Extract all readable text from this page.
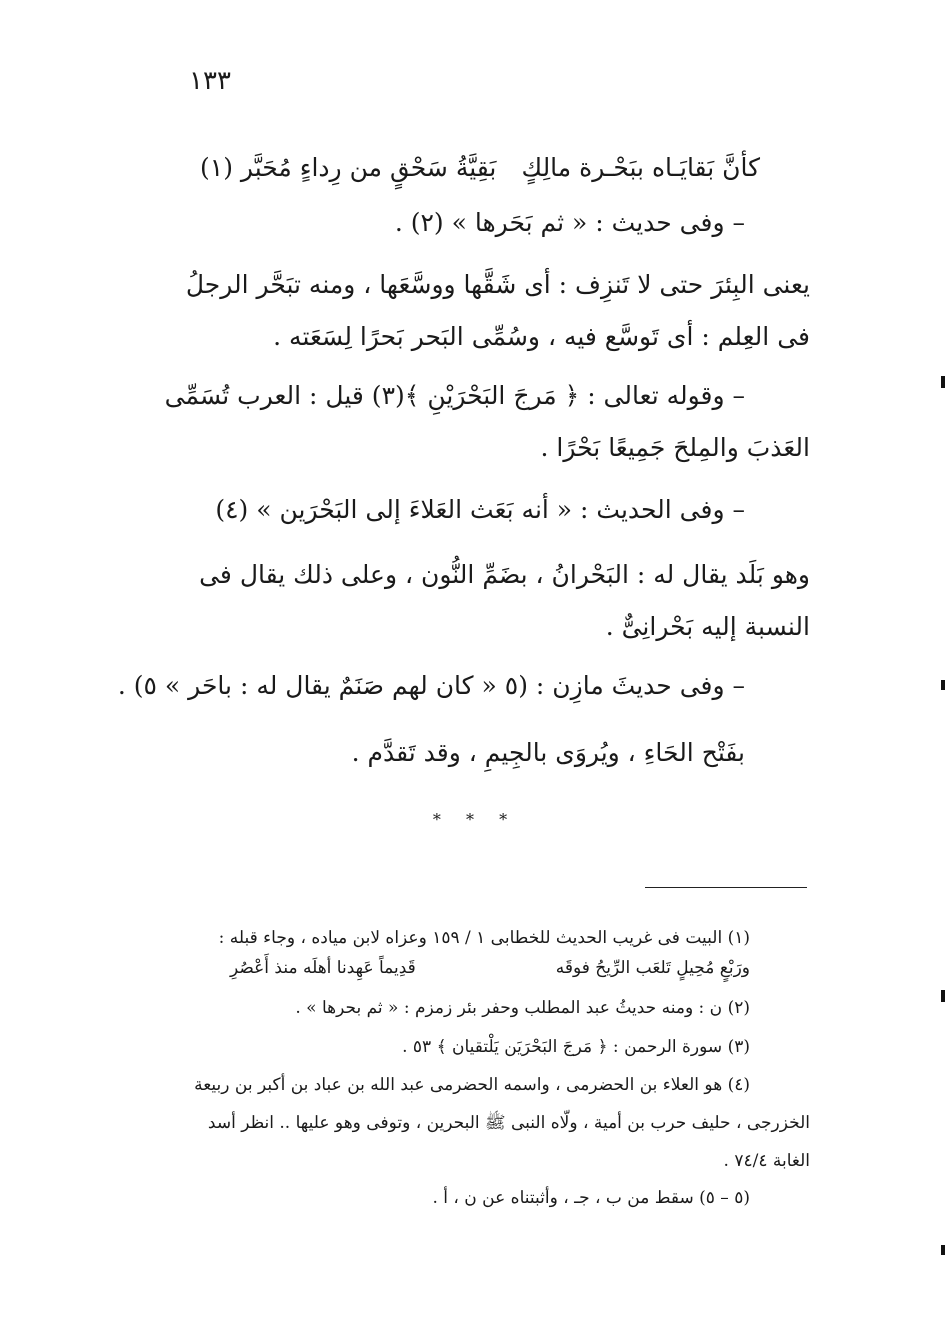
١٣٣
كأنَّ بَقايَـاه ببَحْـرة مالِكٍ
بَقِيَّةُ سَحْقٍ من رِداءٍ مُحَبَّر (١)
– وفى حديث : « ثم بَحَرها » (٢) .
يعنى البِئرَ حتى لا تَنزِف : أى شَقَّها ووسَّعَها ، ومنه تبَحَّر الرجلُ
فى العِلم : أى تَوسَّع فيه ، وسُمِّى البَحر بَحرًا لِسَعَته .
– وقوله تعالى : ﴿ مَرجَ البَحْرَيْنِ ﴾(٣) قيل : العرب تُسَمِّى
العَذبَ والمِلحَ جَمِيعًا بَحْرًا .
– وفى الحديث : « أنه بَعَث العَلاءَ إلى البَحْرَين » (٤)
وهو بَلَد يقال له : البَحْرانُ ، بضَمِّ النُّون ، وعلى ذلك يقال فى
النسبة إليه بَحْرانِىٌّ .
– وفى حديثَ مازِن : (٥ « كان لهم صَنَمٌ يقال له : باحَر » ٥) .
بفَتْح الحَاءِ ، ويُروَى بالجِيمِ ، وقد تَقدَّم .
* * *
(١) البيت فى غريب الحديث للخطابى ١ / ١٥٩ وعزاه لابن مياده ، وجاء قبله :
ورَبْعٍ مُحِيلٍ تَلعَب الرِّيحُ فوقَه
قَدِيماً عَهِدنا أهلَه منذ أَعْصُرِ
(٢) ن : ومنه حديثُ عبد المطلب وحفر بئر زمزم : « ثم بحرها » .
(٣) سورة الرحمن : ﴿ مَرجَ البَحْرَيَن يَلْتقيان ﴾ ٥٣ .
(٤) هو العلاء بن الحضرمى ، واسمه الحضرمى عبد الله بن عباد بن أكبر بن ربيعة
الخزرجى ، حليف حرب بن أمية ، ولّاه النبى ﷺ البحرين ، وتوفى وهو عليها .. انظر أسد
الغابة ٧٤/٤ .
(٥ – ٥) سقط من ب ، جـ ، وأثبتناه عن ن ، أ .
